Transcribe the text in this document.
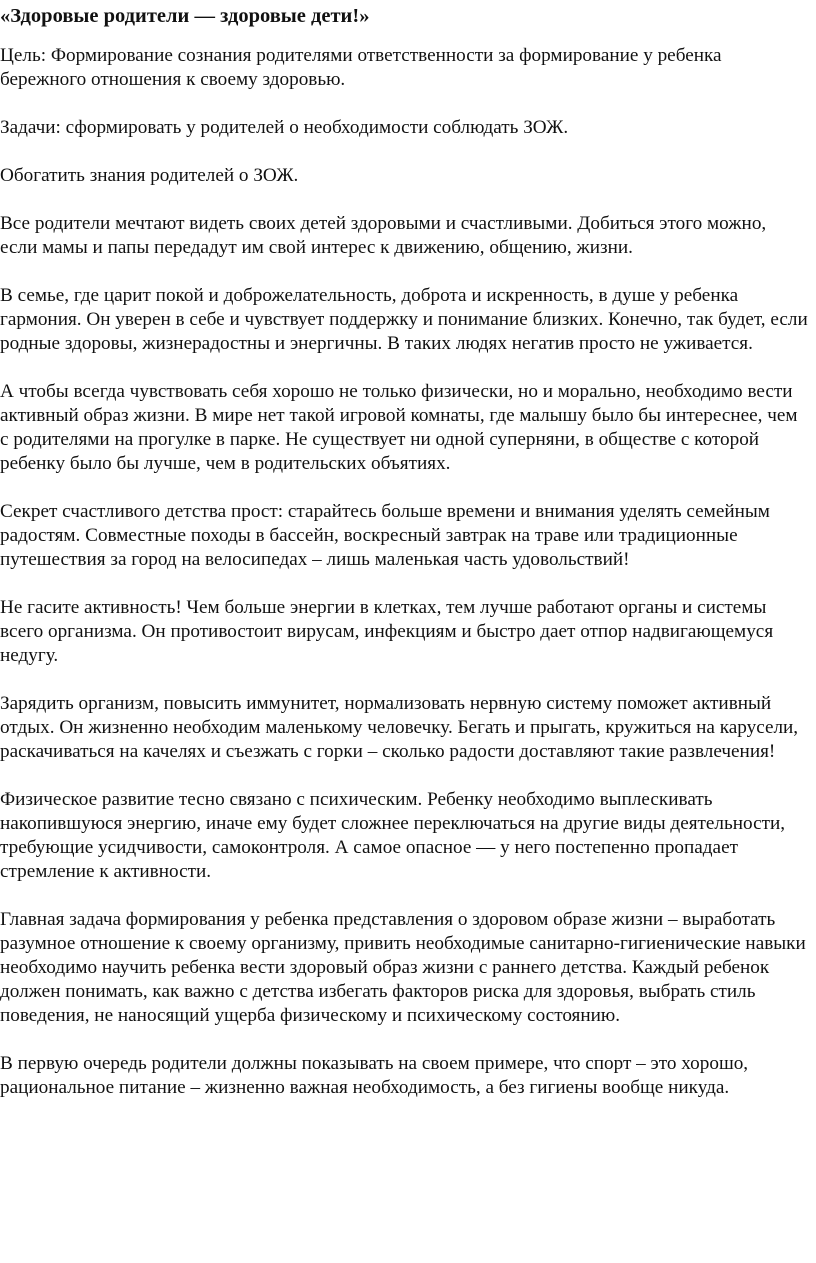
«Здоровые родители — здоровые дети!»

Цель: Формирование сознания родителями ответственности за формирование у ребенка бережного отношения к своему здоровью.

Задачи: сформировать у родителей о необходимости соблюдать ЗОЖ.

Обогатить знания родителей о ЗОЖ.

Все родители мечтают видеть своих детей здоровыми и счастливыми. Добиться этого можно, если мамы и папы передадут им свой интерес к движению, общению, жизни.

В семье, где царит покой и доброжелательность, доброта и искренность, в душе у ребенка гармония. Он уверен в себе и чувствует поддержку и понимание близких. Конечно, так будет, если родные здоровы, жизнерадостны и энергичны. В таких людях негатив просто не уживается.

А чтобы всегда чувствовать себя хорошо не только физически, но и морально, необходимо вести активный образ жизни. В мире нет такой игровой комнаты, где малышу было бы интереснее, чем с родителями на прогулке в парке. Не существует ни одной суперняни, в обществе с которой ребенку было бы лучше, чем в родительских объятиях.

Секрет счастливого детства прост: старайтесь больше времени и внимания уделять семейным радостям. Совместные походы в бассейн, воскресный завтрак на траве или традиционные путешествия за город на велосипедах – лишь маленькая часть удовольствий!

Не гасите активность! Чем больше энергии в клетках, тем лучше работают органы и системы всего организма. Он противостоит вирусам, инфекциям и быстро дает отпор надвигающемуся недугу.

Зарядить организм, повысить иммунитет, нормализовать нервную систему поможет активный отдых. Он жизненно необходим маленькому человечку. Бегать и прыгать, кружиться на карусели, раскачиваться на качелях и съезжать с горки – сколько радости доставляют такие развлечения!

Физическое развитие тесно связано с психическим. Ребенку необходимо выплескивать накопившуюся энергию, иначе ему будет сложнее переключаться на другие виды деятельности, требующие усидчивости, самоконтроля. А самое опасное — у него постепенно пропадает стремление к активности.

Главная задача формирования у ребенка представления о здоровом образе жизни – выработать разумное отношение к своему организму, привить необходимые санитарно-гигиенические навыки необходимо научить ребенка вести здоровый образ жизни с раннего детства. Каждый ребенок должен понимать, как важно с детства избегать факторов риска для здоровья, выбрать стиль поведения, не наносящий ущерба физическому и психическому состоянию.

В первую очередь родители должны показывать на своем примере, что спорт – это хорошо, рациональное питание – жизненно важная необходимость, а без гигиены вообще никуда.
